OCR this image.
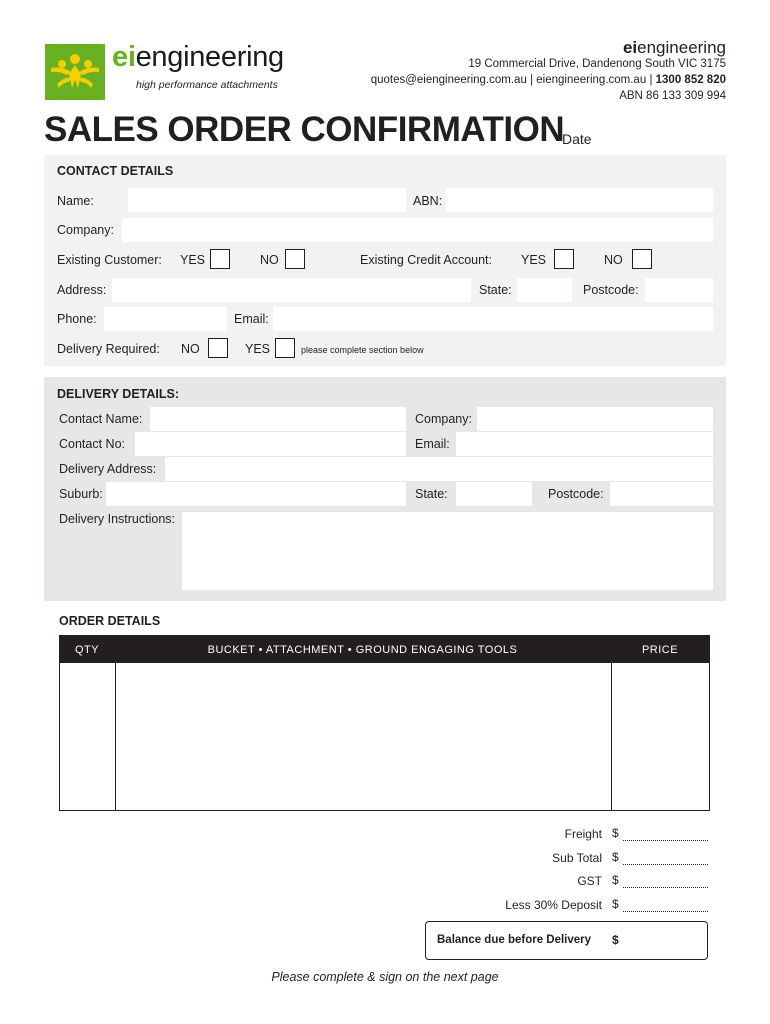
eiengineering
high performance attachments
eiengineering
19 Commercial Drive, Dandenong South VIC 3175
quotes@eiengineering.com.au | eiengineering.com.au | 1300 852 820
ABN 86 133 309 994
SALES ORDER CONFIRMATION
Date
CONTACT DETAILS
Name:	ABN:
Company:
Existing Customer: YES	NO	Existing Credit Account: YES	NO
Address:	State:	Postcode:
Phone:	Email:
Delivery Required: NO	YES	please complete section below
DELIVERY DETAILS:
Contact Name:	Company:
Contact No:	Email:
Delivery Address:
Suburb:	State:	Postcode:
Delivery Instructions:
ORDER DETAILS
QTY	BUCKET • ATTACHMENT • GROUND ENGAGING TOOLS	PRICE
Freight $
Sub Total $
GST $
Less 30% Deposit $
Balance due before Delivery $
Please complete & sign on the next page
